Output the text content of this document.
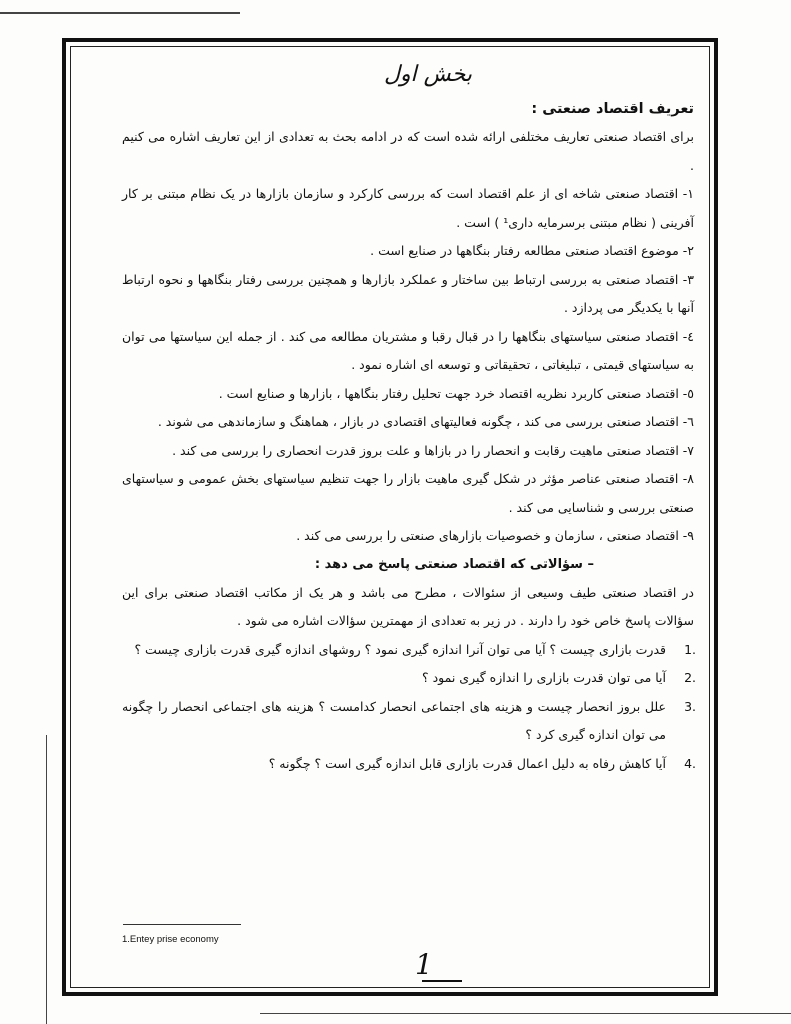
بخش اول
تعریف اقتصاد صنعتی :

برای اقتصاد صنعتی تعاریف مختلفی ارائه شده است که در ادامه بحث به تعدادی از این تعاریف اشاره می کنیم .

۱- اقتصاد صنعتی شاخه ای از علم اقتصاد است که بررسی کارکرد و سازمان بازارها در یک نظام مبتنی بر کار آفرینی ( نظام مبتنی برسرمایه داری¹ ) است .

۲- موضوع اقتصاد صنعتی مطالعه رفتار بنگاهها در صنایع است .

۳- اقتصاد صنعتی به بررسی ارتباط بین ساختار و عملکرد بازارها و همچنین بررسی رفتار بنگاهها و نحوه ارتباط آنها با یکدیگر می پردازد .

٤- اقتصاد صنعتی سیاستهای بنگاهها را در قبال رقبا و مشتریان مطالعه می کند . از جمله این سیاستها می توان به سیاستهای قیمتی ، تبلیغاتی ، تحقیقاتی و توسعه ای اشاره نمود .

٥- اقتصاد صنعتی کاربرد نظریه اقتصاد خرد جهت تحلیل رفتار بنگاهها ، بازارها و صنایع است .

٦- اقتصاد صنعتی بررسی می کند ، چگونه فعالیتهای اقتصادی در بازار ، هماهنگ و سازماندهی می شوند .

۷- اقتصاد صنعتی ماهیت رقابت و انحصار را در بازاها و علت بروز قدرت انحصاری را بررسی می کند .

۸- اقتصاد صنعتی عناصر مؤثر در شکل گیری ماهیت بازار را جهت تنظیم سیاستهای بخش عمومی و سیاستهای صنعتی بررسی و شناسایی می کند .

۹- اقتصاد صنعتی ، سازمان و خصوصیات بازارهای صنعتی را بررسی می کند .

– سؤالاتی که اقتصاد صنعتی پاسخ می دهد :

در اقتصاد صنعتی طیف وسیعی از سئوالات ، مطرح می باشد و هر یک از مکاتب اقتصاد صنعتی برای این سؤالات پاسخ خاص خود را دارند . در زیر به تعدادی از مهمترین سؤالات اشاره می شود .

.1
قدرت بازاری چیست ؟ آیا می توان آنرا اندازه گیری نمود ؟ روشهای اندازه گیری قدرت بازاری چیست ؟
.2
آیا می توان قدرت بازاری را اندازه گیری نمود ؟
.3
علل بروز انحصار چیست و هزینه های اجتماعی انحصار کدامست ؟ هزینه های اجتماعی انحصار را چگونه می توان اندازه گیری کرد ؟
.4
آیا کاهش رفاه به دلیل اعمال قدرت بازاری قابل اندازه گیری است ؟ چگونه ؟
1.Entey prise economy
1
